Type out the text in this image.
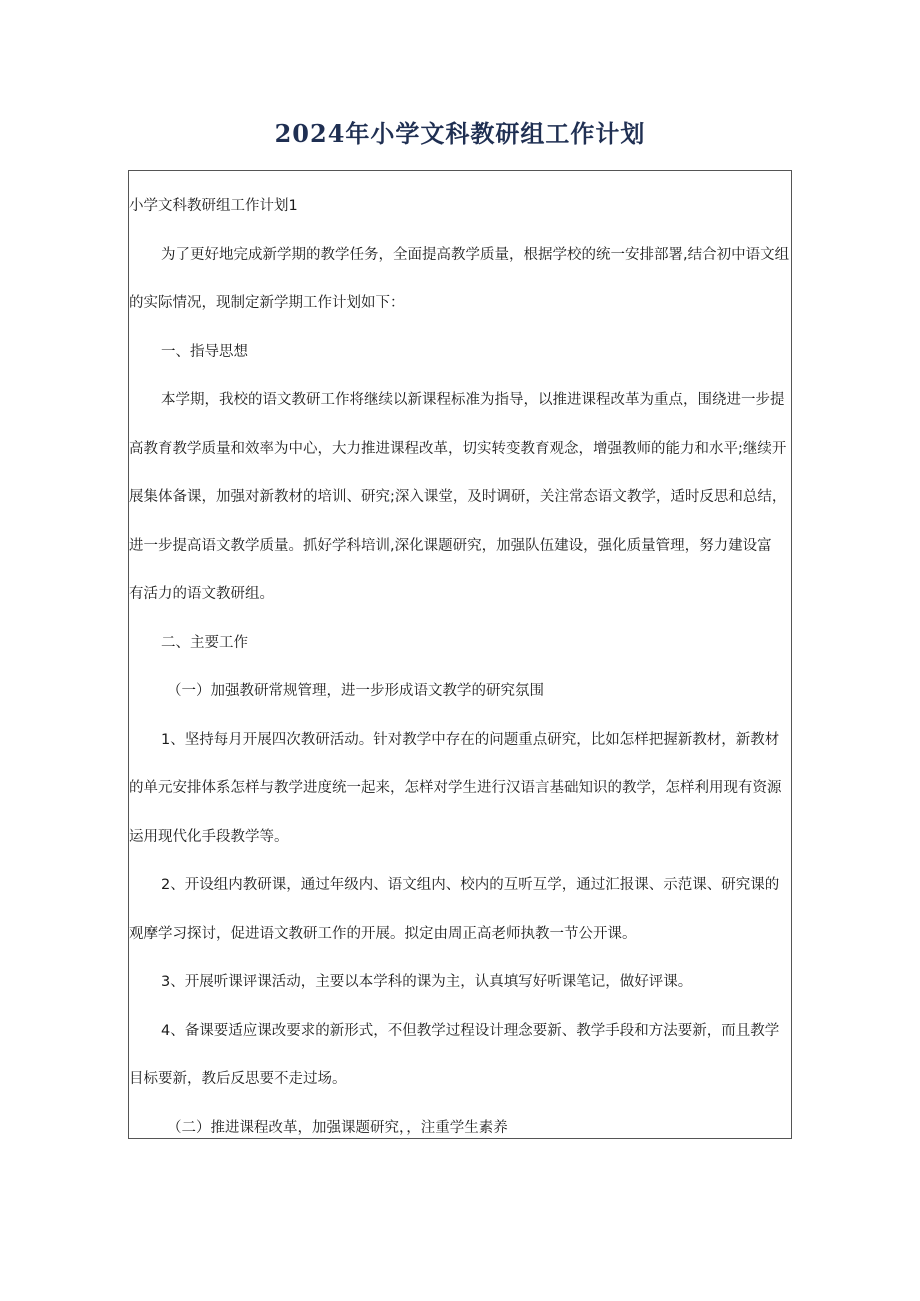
2024年小学文科教研组工作计划

小学文科教研组工作计划1

为了更好地完成新学期的教学任务，全面提高教学质量，根据学校的统一安排部署,结合初中语文组

的实际情况，现制定新学期工作计划如下：

一、指导思想

本学期，我校的语文教研工作将继续以新课程标准为指导，以推进课程改革为重点，围绕进一步提

高教育教学质量和效率为中心，大力推进课程改革，切实转变教育观念，增强教师的能力和水平;继续开

展集体备课，加强对新教材的培训、研究;深入课堂，及时调研，关注常态语文教学，适时反思和总结，

进一步提高语文教学质量。抓好学科培训,深化课题研究，加强队伍建设，强化质量管理，努力建设富

有活力的语文教研组。

二、主要工作

（一）加强教研常规管理，进一步形成语文教学的研究氛围

1、坚持每月开展四次教研活动。针对教学中存在的问题重点研究，比如怎样把握新教材，新教材

的单元安排体系怎样与教学进度统一起来，怎样对学生进行汉语言基础知识的教学，怎样利用现有资源

运用现代化手段教学等。

2、开设组内教研课，通过年级内、语文组内、校内的互听互学，通过汇报课、示范课、研究课的

观摩学习探讨，促进语文教研工作的开展。拟定由周正高老师执教一节公开课。

3、开展听课评课活动，主要以本学科的课为主，认真填写好听课笔记，做好评课。

4、备课要适应课改要求的新形式，不但教学过程设计理念要新、教学手段和方法要新，而且教学

目标要新，教后反思要不走过场。

（二）推进课程改革，加强课题研究，，注重学生素养
